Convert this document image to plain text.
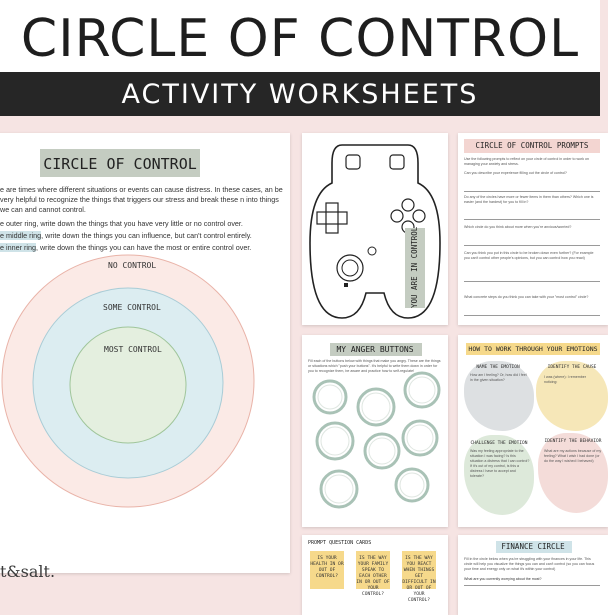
CIRCLE OF CONTROL
ACTIVITY WORKSHEETS
CIRCLE OF CONTROL

e are times where different situations or events can cause distress. In these cases, an be very helpful to recognize the things that triggers our stress and break these n into things we can and cannot control.

e outer ring, write down the things that you have very little or no control over.

e middle ring, write down the things you can influence, but can't control entirely.

e inner ring, write down the things you can have the most or entire control over.

NO CONTROL
SOME CONTROL
MOST CONTROL
t&salt.
YOU ARE IN CONTROL
CIRCLE OF CONTROL PROMPTS
Use the following prompts to reflect on your circle of control in order to work on managing your anxiety and stress.
Can you describe your experience filling out the circle of control?
Do any of the circles have more or fewer items in them than others? Which one is easier (and the hardest) for you to fill in?
Which circle do you think about more when you're anxious/worried?
Can you think you put in this circle to be broken down even further? (For example you can't control other people's opinions, but you can control how you react)
What concrete steps do you think you can take with your "most control" circle?
MY ANGER BUTTONS
Fill each of the buttons below with things that make you angry. These are the things or situations which "push your buttons". It's helpful to write them down in order for you to recognize them, be aware and practice how to self-regulate!
HOW TO WORK THROUGH YOUR EMOTIONS
NAME THE EMOTION
How am I feeling? Or, how did I feel in the given situation?
IDENTIFY THE CAUSE
I was (where): I remember noticing:
CHALLENGE THE EMOTION
Was my feeling appropriate to the situation I was facing? Is this situation a distress that I can control? If it's out of my control, is this a distress I have to accept and tolerate?
IDENTIFY THE BEHAVIOR
What are my actions because of my feeling? What I wish I had done (or do the way I wished I behaved)
PROMPT QUESTION CARDS
IS YOUR HEALTH IN OR OUT OF CONTROL?
IS THE WAY YOUR FAMILY SPEAK TO EACH OTHER IN OR OUT OF YOUR CONTROL?
IS THE WAY YOU REACT WHEN THINGS GET DIFFICULT IN OR OUT OF YOUR CONTROL?
FINANCE CIRCLE
Fill in the circle below when you're struggling with your finances in your life. This circle will help you visualize the things you can and can't control (so you can focus your time and energy only on what it's within your control)
What are you currently worrying about the most?
